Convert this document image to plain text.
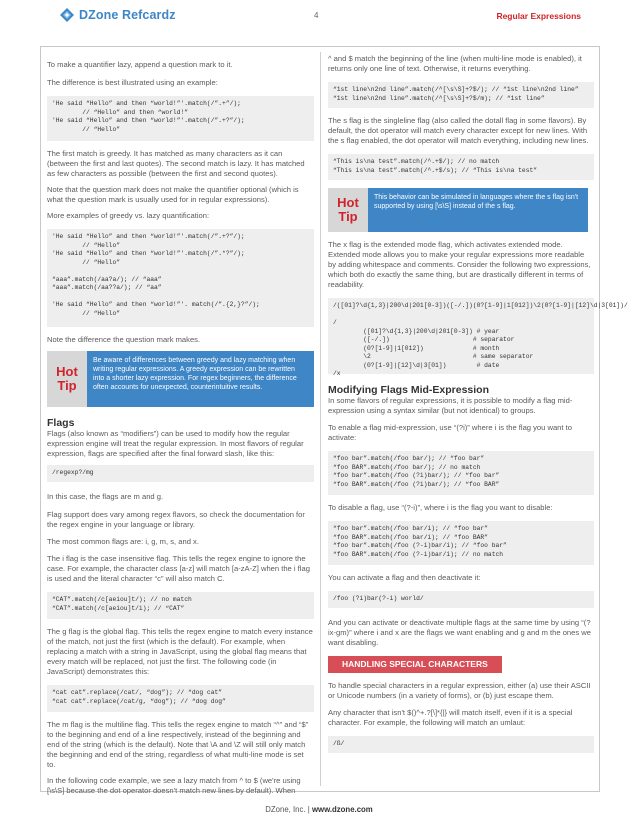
DZone Refcardz	4	Regular Expressions

To make a quantifier lazy, append a question mark to it.

The difference is best illustrated using an example:

'He said “Hello” and then “world!”'.match(/”.+”/);
// “Hello” and then “world!”
'He said “Hello” and then “world!”'.match(/”.+?”/);
// “Hello”

The first match is greedy. It has matched as many characters as it can (between the first and last quotes). The second match is lazy. It has matched as few characters as possible (between the first and second quotes).

Note that the question mark does not make the quantifier optional (which is what the question mark is usually used for in regular expressions).

More examples of greedy vs. lazy quantification:

'He said “Hello” and then “world!”'.match(/”.+?”/);
// “Hello”
'He said “Hello” and then “world!”'.match(/”.*?”/);
// “Hello”

“aaa”.match(/aa?a/); // “aaa”
“aaa”.match(/aa??a/); // “aa”

'He said “Hello” and then “world!”'. match(/”.{2,}?”/);
// “Hello”

Note the difference the question mark makes.

Hot
Tip
Be aware of differences between greedy and lazy matching when writing regular expressions. A greedy expression can be rewritten into a shorter lazy expression. For regex beginners, the difference often accounts for unexpected, counterintuitive results.
Flags

Flags (also known as “modifiers”) can be used to modify how the regular expression engine will treat the regular expression. In most flavors of regular expression, flags are specified after the final forward slash, like this:

/regexp?/mg

In this case, the flags are m and g.

Flag support does vary among regex flavors, so check the documentation for the regex engine in your language or library.

The most common flags are: i, g, m, s, and x.

The i flag is the case insensitive flag. This tells the regex engine to ignore the case. For example, the character class [a-z] will match [a-zA-Z] when the i flag is used and the literal character “c” will also match C.

“CAT”.match(/c[aeiou]t/); // no match
“CAT”.match(/c[aeiou]t/i); // “CAT”

The g flag is the global flag. This tells the regex engine to match every instance of the match, not just the first (which is the default). For example, when replacing a match with a string in JavaScript, using the global flag means that every match will be replaced, not just the first. The following code (in JavaScript) demonstrates this:

“cat cat”.replace(/cat/, “dog”); // “dog cat”
“cat cat”.replace(/cat/g, “dog”); // “dog dog”

The m flag is the multiline flag. This tells the regex engine to match “^” and “$” to the beginning and end of a line respectively, instead of the beginning and end of the string (which is the default). Note that \A and \Z will still only match the beginning and end of the string, regardless of what multi-line mode is set to.

In the following code example, we see a lazy match from ^ to $ (we're using [\s\S] because the dot operator doesn't match new lines by default). When

^ and $ match the beginning of the line (when multi-line mode is enabled), it returns only one line of text. Otherwise, it returns everything.

“1st line\n2nd line”.match(/^[\s\S]+?$/); // “1st line\n2nd line”
“1st line\n2nd line”.match(/^[\s\S]+?$/m); // “1st line”

The s flag is the singleline flag (also called the dotall flag in some flavors). By default, the dot operator will match every character except for new lines. With the s flag enabled, the dot operator will match everything, including new lines.

“This is\na test”.match(/^.+$/); // no match
“This is\na test”.match(/^.+$/s); // “This is\na test”
Hot
Tip
This behavior can be simulated in languages where the s flag isn't supported by using [\s\S] instead of the s flag.

The x flag is the extended mode flag, which activates extended mode. Extended mode allows you to make your regular expressions more readable by adding whitespace and comments. Consider the following two expressions, which both do exactly the same thing, but are drastically different in terms of readability.

/([01]?\d{1,3}|200\d|201[0-3])([-/.])(0?[1-9]|1[012])\2(0?[1-9]|[12]\d|3[01])/

/
([01]?\d{1,3}|200\d|201[0-3]) # year
([-/.])                      # separator
(0?[1-9]|1[012])             # month
\2                           # same separator
(0?[1-9]|[12]\d|3[01])        # date
/x
Modifying Flags Mid-Expression

In some flavors of regular expressions, it is possible to modify a flag mid-expression using a syntax similar (but not identical) to groups.

To enable a flag mid-expression, use “(?i)” where i is the flag you want to activate:

“foo bar”.match(/foo bar/); // “foo bar”
“foo BAR”.match(/foo bar/); // no match
“foo bar”.match(/foo (?i)bar/); // “foo bar”
“foo BAR”.match(/foo (?i)bar/); // “foo BAR”

To disable a flag, use “(?-i)”, where i is the flag you want to disable:

“foo bar”.match(/foo bar/i); // “foo bar”
“foo BAR”.match(/foo bar/i); // “foo BAR”
“foo bar”.match(/foo (?-i)bar/i); // “foo bar”
“foo BAR”.match(/foo (?-i)bar/i); // no match

You can activate a flag and then deactivate it:

/foo (?i)bar(?-i) world/

And you can activate or deactivate multiple flags at the same time by using “(?ix-gm)” where i and x are the flags we want enabling and g and m the ones we want disabling.

HANDLING SPECIAL CHARACTERS

To handle special characters in a regular expression, either (a) use their ASCII or Unicode numbers (in a variety of forms), or (b) just escape them.

Any character that isn't $()^+.?[\]*{|} will match itself, even if it is a special character. For example, the following will match an umlaut:

/ß/
DZone, Inc. | www.dzone.com
